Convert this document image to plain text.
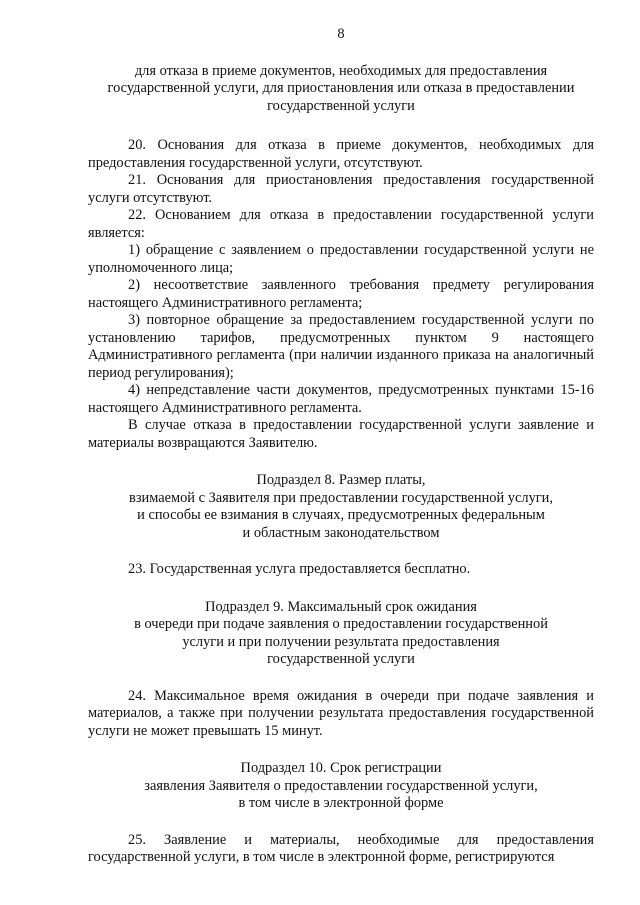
8
для отказа в приеме документов, необходимых для предоставления
государственной услуги, для приостановления или отказа в предоставлении
государственной услуги

20. Основания для отказа в приеме документов, необходимых для предоставления государственной услуги, отсутствуют.

21. Основания для приостановления предоставления государственной услуги отсутствуют.

22. Основанием для отказа в предоставлении государственной услуги является:

1) обращение с заявлением о предоставлении государственной услуги не уполномоченного лица;

2) несоответствие заявленного требования предмету регулирования настоящего Административного регламента;

3) повторное обращение за предоставлением государственной услуги по установлению тарифов, предусмотренных пунктом 9 настоящего Административного регламента (при наличии изданного приказа на аналогичный период регулирования);

4) непредставление части документов, предусмотренных пунктами 15-16 настоящего Административного регламента.

В случае отказа в предоставлении государственной услуги заявление и материалы возвращаются Заявителю.

Подраздел 8. Размер платы,
взимаемой с Заявителя при предоставлении государственной услуги,
и способы ее взимания в случаях, предусмотренных федеральным
и областным законодательством

23. Государственная услуга предоставляется бесплатно.

Подраздел 9. Максимальный срок ожидания
в очереди при подаче заявления о предоставлении государственной
услуги и при получении результата предоставления
государственной услуги

24. Максимальное время ожидания в очереди при подаче заявления и материалов, а также при получении результата предоставления государственной услуги не может превышать 15 минут.

Подраздел 10. Срок регистрации
заявления Заявителя о предоставлении государственной услуги,
в том числе в электронной форме

25. Заявление и материалы, необходимые для предоставления государственной услуги, в том числе в электронной форме, регистрируются
